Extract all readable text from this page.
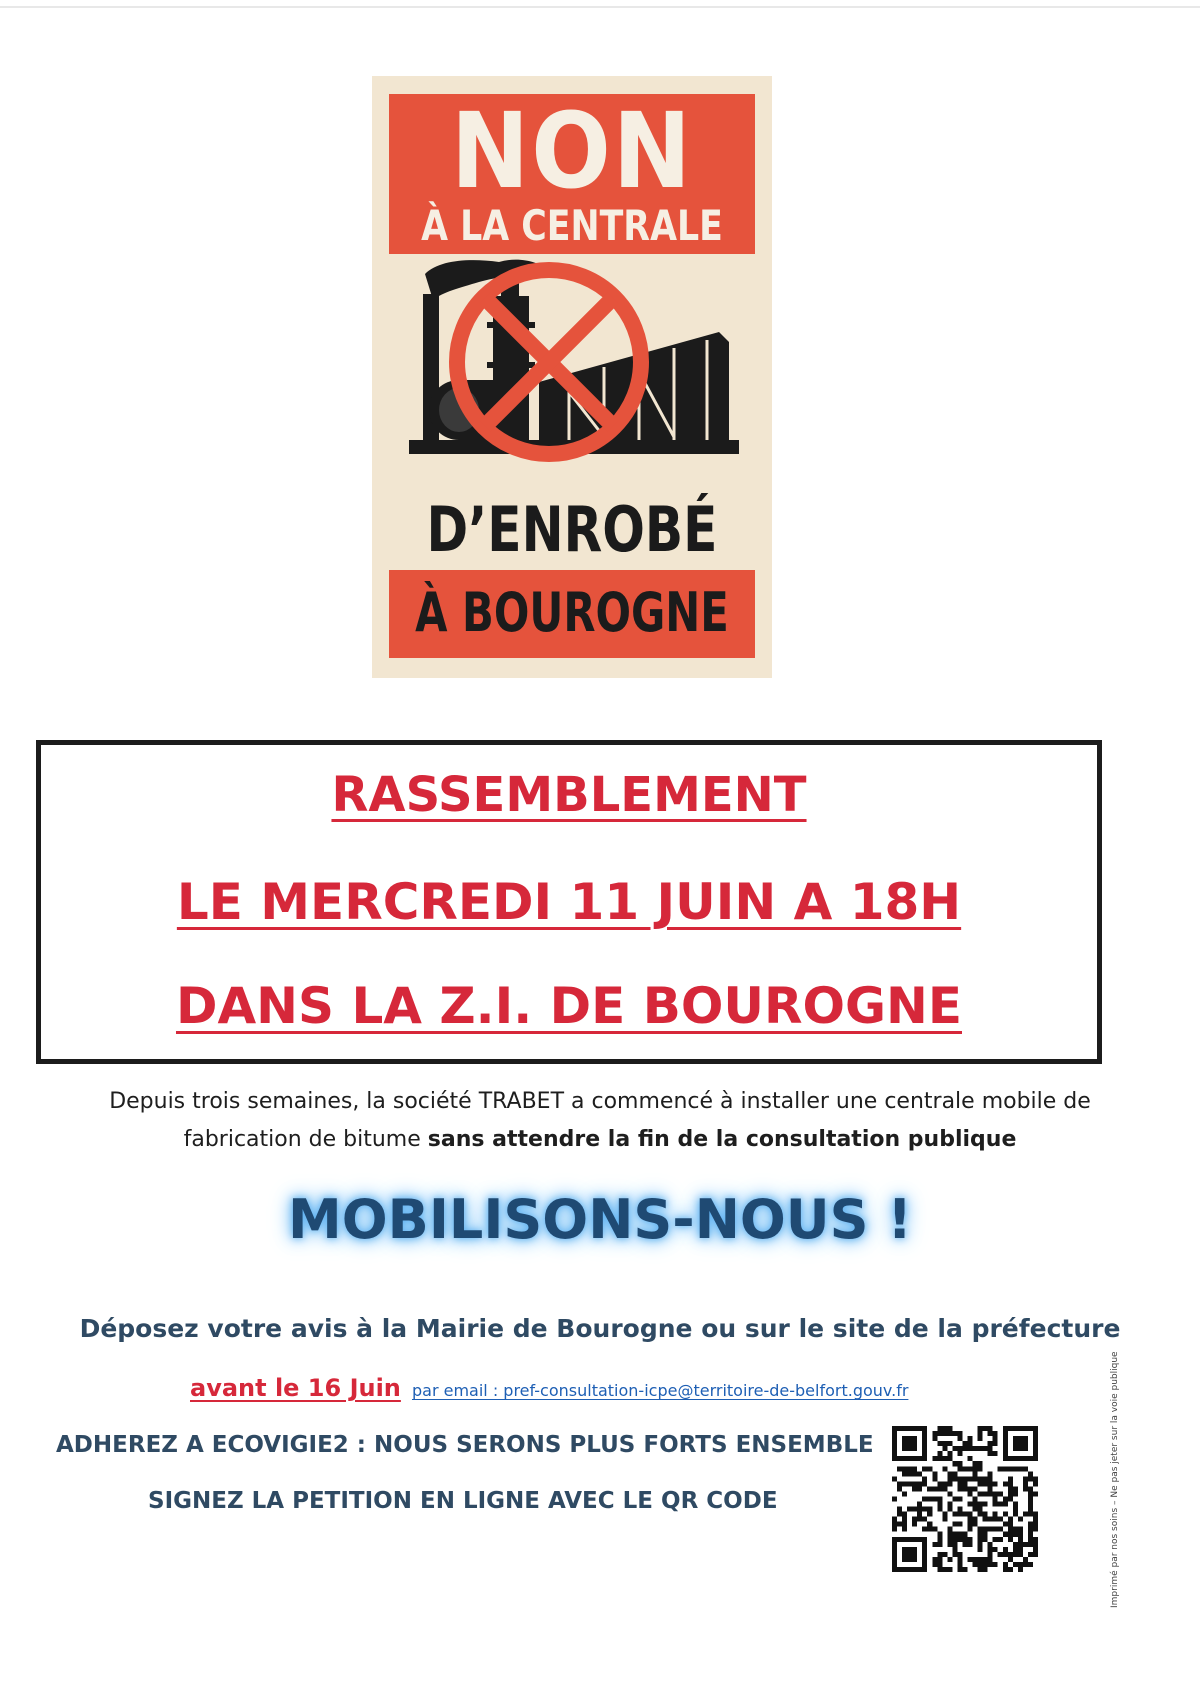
NON
À LA CENTRALE
D’ENROBÉ
À BOUROGNE
RASSEMBLEMENT
LE MERCREDI 11 JUIN A 18H
DANS LA Z.I. DE BOUROGNE
Depuis trois semaines, la société TRABET a commencé à installer une centrale mobile de fabrication de bitume sans attendre la fin de la consultation publique
MOBILISONS-NOUS !
Déposez votre avis à la Mairie de Bourogne ou sur le site de la préfecture
avant le 16 Juin par email : pref-consultation-icpe@territoire-de-belfort.gouv.fr
ADHEREZ A ECOVIGIE2 : NOUS SERONS PLUS FORTS ENSEMBLE
SIGNEZ LA PETITION EN LIGNE AVEC LE QR CODE	Imprimé par nos soins – Ne pas jeter sur la voie publique
